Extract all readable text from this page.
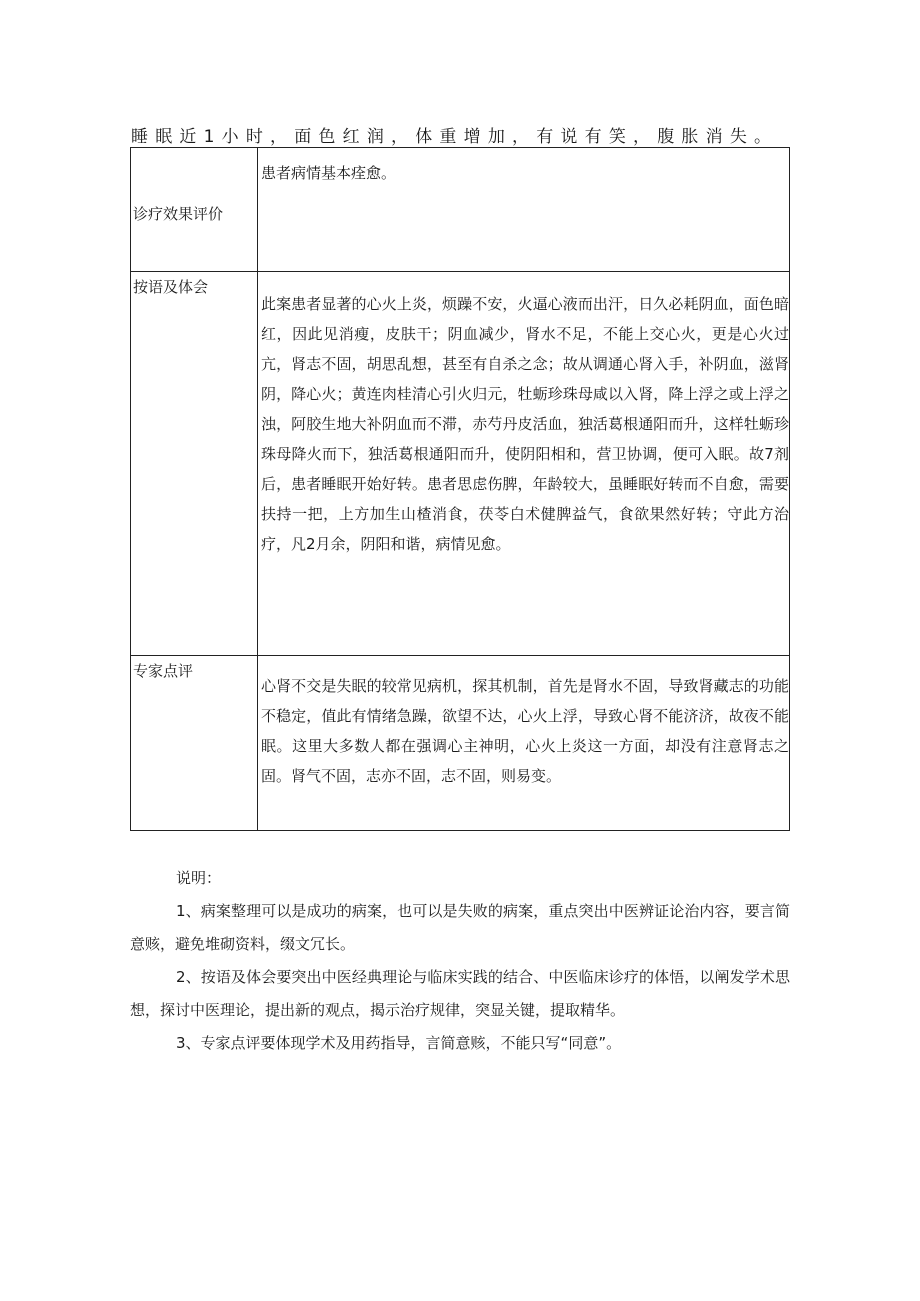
睡眠近1小时，面色红润，体重增加，有说有笑，腹胀消失。
诊疗效果评价	患者病情基本痊愈。

按语及体会	此案患者显著的心火上炎，烦躁不安，火逼心液而出汗，日久必耗阴血，面色暗红，因此见消瘦，皮肤干；阴血减少，肾水不足，不能上交心火，更是心火过亢，肾志不固，胡思乱想，甚至有自杀之念；故从调通心肾入手，补阴血，滋肾阴，降心火；黄连肉桂清心引火归元，牡蛎珍珠母咸以入肾，降上浮之或上浮之浊，阿胶生地大补阴血而不滞，赤芍丹皮活血，独活葛根通阳而升，这样牡蛎珍珠母降火而下，独活葛根通阳而升，使阴阳相和，营卫协调，便可入眠。故7剂后，患者睡眠开始好转。患者思虑伤脾，年龄较大，虽睡眠好转而不自愈，需要扶持一把，上方加生山楂消食，茯苓白术健脾益气，食欲果然好转；守此方治疗，凡2月余，阴阳和谐，病情见愈。

专家点评	心肾不交是失眠的较常见病机，探其机制，首先是肾水不固，导致肾藏志的功能不稳定，值此有情绪急躁，欲望不达，心火上浮，导致心肾不能济济，故夜不能眠。这里大多数人都在强调心主神明，心火上炎这一方面，却没有注意肾志之固。肾气不固，志亦不固，志不固，则易变。

说明：

1、病案整理可以是成功的病案，也可以是失败的病案，重点突出中医辨证论治内容，要言简意赅，避免堆砌资料，缀文冗长。

2、按语及体会要突出中医经典理论与临床实践的结合、中医临床诊疗的体悟，以阐发学术思想，探讨中医理论，提出新的观点，揭示治疗规律，突显关键，提取精华。

3、专家点评要体现学术及用药指导，言简意赅，不能只写“同意”。
